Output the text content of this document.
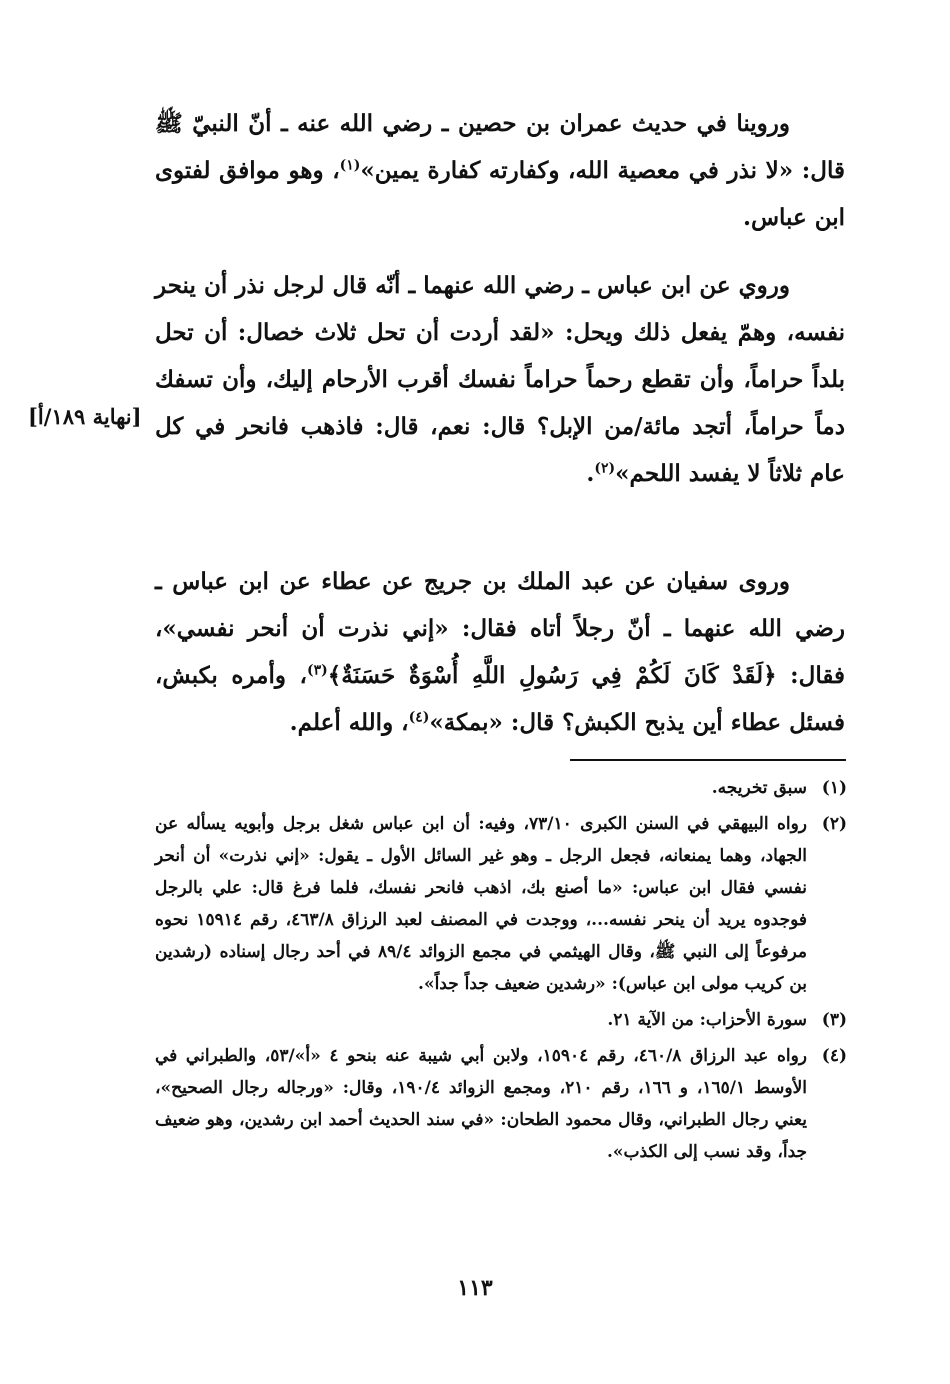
وروينا في حديث عمران بن حصين ـ رضي الله عنه ـ أنّ النبيّ ﷺ قال: «لا نذر في معصية الله، وكفارته كفارة يمين»$^{(١)}$، وهو موافق لفتوى ابن عباس.

وروي عن ابن عباس ـ رضي الله عنهما ـ أنّه قال لرجل نذر أن ينحر نفسه، وهمّ يفعل ذلك ويحل: «لقد أردت أن تحل ثلاث خصال: أن تحل بلداً حراماً، وأن تقطع رحماً حراماً نفسك أقرب الأرحام إليك، وأن تسفك دماً حراماً، أتجد مائة/من الإبل؟ قال: نعم، قال: فاذهب فانحر في كل عام ثلاثاً لا يفسد اللحم»$^{(٢)}$.

[نهاية ١٨٩/أ]

وروى سفيان عن عبد الملك بن جريج عن عطاء عن ابن عباس ـ رضي الله عنهما ـ أنّ رجلاً أتاه فقال: «إني نذرت أن أنحر نفسي»، فقال: ﴿لَقَدْ كَانَ لَكُمْ فِي رَسُولِ اللَّهِ أُسْوَةٌ حَسَنَةٌ﴾$^{(٣)}$، وأمره بكبش، فسئل عطاء أين يذبح الكبش؟ قال: «بمكة»$^{(٤)}$، والله أعلم.

(١)
سبق تخريجه.
(٢)
رواه البيهقي في السنن الكبرى ٧٣/١٠، وفيه: أن ابن عباس شغل برجل وأبويه يسأله عن الجهاد، وهما يمنعانه، فجعل الرجل ـ وهو غير السائل الأول ـ يقول: «إني نذرت» أن أنحر نفسي فقال ابن عباس: «ما أصنع بك، اذهب فانحر نفسك، فلما فرغ قال: علي بالرجل فوجدوه يريد أن ينحر نفسه...، ووجدت في المصنف لعبد الرزاق ٤٦٣/٨، رقم ١٥٩١٤ نحوه مرفوعاً إلى النبي ﷺ، وقال الهيثمي في مجمع الزوائد ٨٩/٤ في أحد رجال إسناده (رشدين بن كريب مولى ابن عباس): «رشدين ضعيف جداً جداً».
(٣)
سورة الأحزاب: من الآية ٢١.
(٤)
رواه عبد الرزاق ٤٦٠/٨، رقم ١٥٩٠٤، ولابن أبي شيبة عنه بنحو ٤ «أ»/٥٣، والطبراني في الأوسط ١٦٥/١، و ١٦٦، رقم ٢١٠، ومجمع الزوائد ١٩٠/٤، وقال: «ورجاله رجال الصحيح»، يعني رجال الطبراني، وقال محمود الطحان: «في سند الحديث أحمد ابن رشدين، وهو ضعيف جداً، وقد نسب إلى الكذب».
١١٣
